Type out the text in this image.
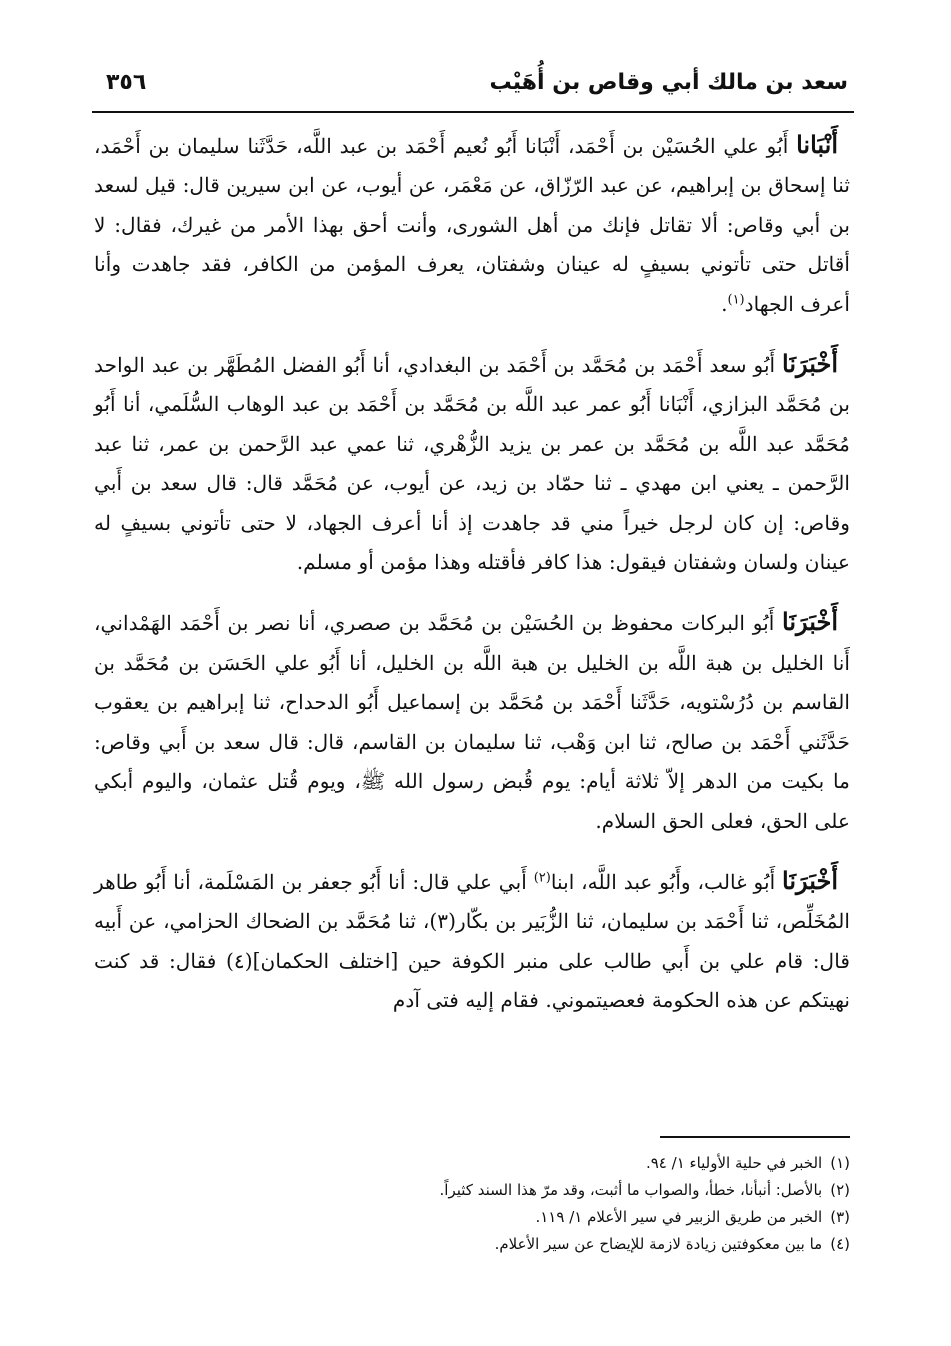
سعد بن مالك أبي وقاص بن أُهَيْب
٣٥٦

أَنْبَانا أَبُو علي الحُسَيْن بن أَحْمَد، أَنْبَانا أَبُو نُعيم أَحْمَد بن عبد اللَّه، حَدَّثَنا سليمان بن أَحْمَد، ثنا إسحاق بن إبراهيم، عن عبد الرّزّاق، عن مَعْمَر، عن أيوب، عن ابن سيرين قال: قيل لسعد بن أبي وقاص: ألا تقاتل فإنك من أهل الشورى، وأنت أحق بهذا الأمر من غيرك، فقال: لا أقاتل حتى تأتوني بسيفٍ له عينان وشفتان، يعرف المؤمن من الكافر، فقد جاهدت وأنا أعرف الجهاد$^{(١)}$.

أَخْبَرَنَا أَبُو سعد أَحْمَد بن مُحَمَّد بن أَحْمَد بن البغدادي، أنا أَبُو الفضل المُطَهَّر بن عبد الواحد بن مُحَمَّد البزازي، أَنْبَانا أَبُو عمر عبد اللَّه بن مُحَمَّد بن أَحْمَد بن عبد الوهاب السُّلَمي، أنا أَبُو مُحَمَّد عبد اللَّه بن مُحَمَّد بن عمر بن يزيد الزُّهْري، ثنا عمي عبد الرَّحمن بن عمر، ثنا عبد الرَّحمن ـ يعني ابن مهدي ـ ثنا حمّاد بن زيد، عن أيوب، عن مُحَمَّد قال: قال سعد بن أَبي وقاص: إن كان لرجل خيراً مني قد جاهدت إذ أنا أعرف الجهاد، لا حتى تأتوني بسيفٍ له عينان ولسان وشفتان فيقول: هذا كافر فأقتله وهذا مؤمن أو مسلم.

أَخْبَرَنَا أَبُو البركات محفوظ بن الحُسَيْن بن مُحَمَّد بن صصري، أنا نصر بن أَحْمَد الهَمْداني، أَنا الخليل بن هبة اللَّه بن الخليل بن هبة اللَّه بن الخليل، أنا أَبُو علي الحَسَن بن مُحَمَّد بن القاسم بن دُرُسْتويه، حَدَّثَنا أَحْمَد بن مُحَمَّد بن إسماعيل أَبُو الدحداح، ثنا إبراهيم بن يعقوب حَدَّثَني أَحْمَد بن صالح، ثنا ابن وَهْب، ثنا سليمان بن القاسم، قال: قال سعد بن أَبي وقاص: ما بكيت من الدهر إلاّ ثلاثة أيام: يوم قُبض رسول الله ﷺ، ويوم قُتل عثمان، واليوم أبكي على الحق، فعلى الحق السلام.

أَخْبَرَنَا أَبُو غالب، وأَبُو عبد اللَّه، ابنا$^{(٢)}$ أَبي علي قال: أنا أَبُو جعفر بن المَسْلَمة، أنا أَبُو طاهر المُخَلِّص، ثنا أَحْمَد بن سليمان، ثنا الزُّبَير بن بكّار(٣)، ثنا مُحَمَّد بن الضحاك الحزامي، عن أَبيه قال: قام علي بن أَبي طالب على منبر الكوفة حين [اختلف الحكمان](٤) فقال: قد كنت نهيتكم عن هذه الحكومة فعصيتموني. فقام إليه فتى آدم

(١)الخبر في حلية الأولياء ١/ ٩٤.
(٢)بالأصل: أنبأنا، خطأ، والصواب ما أثبت، وقد مرّ هذا السند كثيراً.
(٣)الخبر من طريق الزبير في سير الأعلام ١/ ١١٩.
(٤)ما بين معكوفتين زيادة لازمة للإيضاح عن سير الأعلام.
